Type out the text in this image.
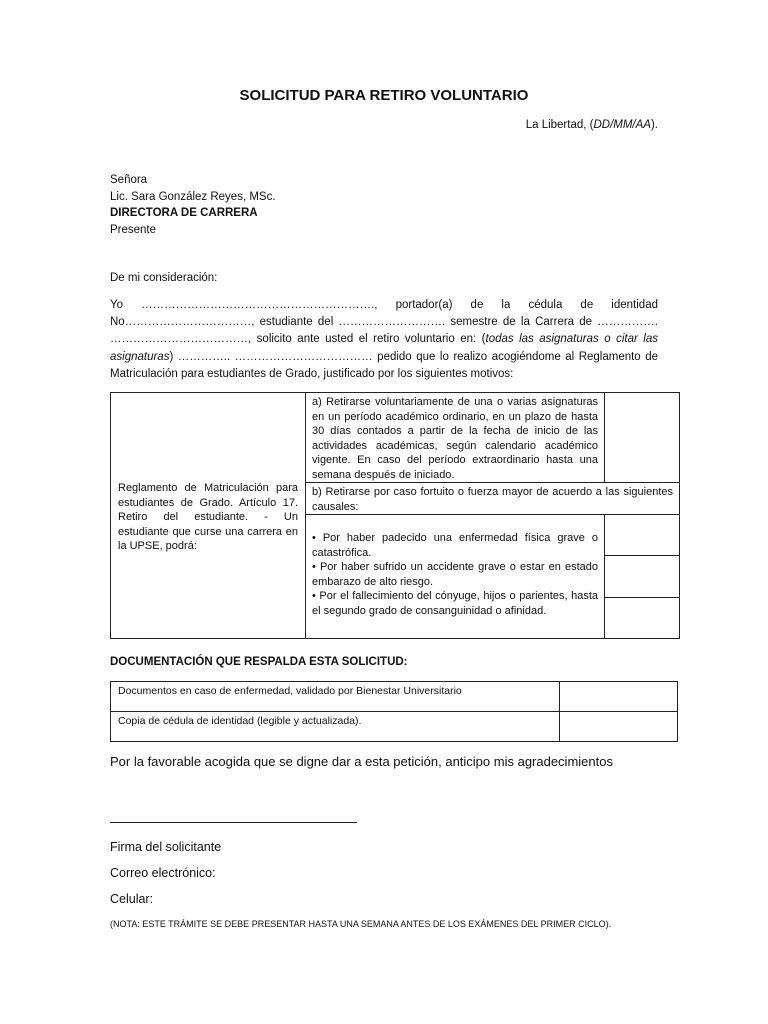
SOLICITUD PARA RETIRO VOLUNTARIO
La Libertad, (DD/MM/AA).
Señora
Lic. Sara González Reyes, MSc.
DIRECTORA DE CARRERA
Presente
De mi consideración:
Yo ……………………………………………………., portador(a) de la cédula de identidad No……………………………, estudiante del ………………………. semestre de la Carrera de ……………. ………………………………, solicito ante usted el retiro voluntario en: (todas las asignaturas o citar las asignaturas) ………….. ……………………………… pedido que lo realizo acogiéndome al Reglamento de Matriculación para estudiantes de Grado, justificado por los siguientes motivos:
Reglamento de Matriculación para estudiantes de Grado. Artículo 17. Retiro del estudiante. - Un estudiante que curse una carrera en la UPSE, podrá:	a) Retirarse voluntariamente de una o varias asignaturas en un período académico ordinario, en un plazo de hasta 30 días contados a partir de la fecha de inicio de las actividades académicas, según calendario académico vigente. En caso del período extraordinario hasta una semana después de iniciado.	

	b) Retirarse por caso fortuito o fuerza mayor de acuerdo a las siguientes causales:	

	• Por haber padecido una enfermedad física grave o catastrófica.
• Por haber sufrido un accidente grave o estar en estado embarazo de alto riesgo.
• Por el fallecimiento del cónyuge, hijos o parientes, hasta el segundo grado de consanguinidad o afinidad.	

DOCUMENTACIÓN QUE RESPALDA ESTA SOLICITUD:
Documentos en caso de enfermedad, validado por Bienestar Universitario	
Copia de cédula de identidad (legible y actualizada).	
Por la favorable acogida que se digne dar a esta petición, anticipo mis agradecimientos
Firma del solicitante
Correo electrónico:
Celular:
(NOTA: ESTE TRÁMITE SE DEBE PRESENTAR HASTA UNA SEMANA ANTES DE LOS EXÁMENES DEL PRIMER CICLO).
